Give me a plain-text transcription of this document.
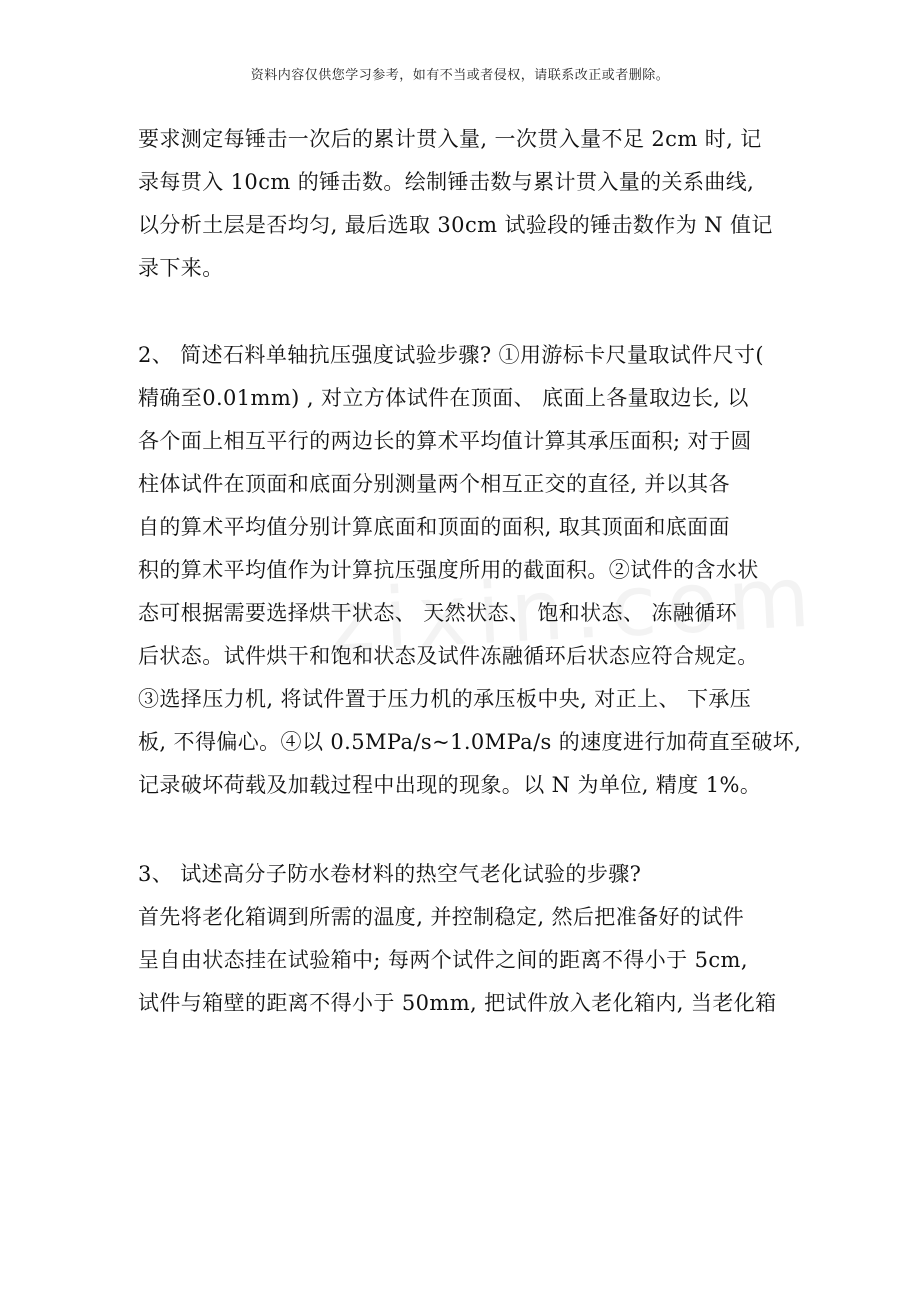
资料内容仅供您学习参考，如有不当或者侵权，请联系改正或者删除。
要求测定每锤击一次后的累计贯入量, 一次贯入量不足 2cm 时, 记
录每贯入 10cm 的锤击数。绘制锤击数与累计贯入量的关系曲线,
以分析土层是否均匀, 最后选取 30cm 试验段的锤击数作为 N 值记
录下来。
2、 简述石料单轴抗压强度试验步骤? ①用游标卡尺量取试件尺寸(
精确至0.01mm) , 对立方体试件在顶面、 底面上各量取边长, 以
各个面上相互平行的两边长的算术平均值计算其承压面积; 对于圆
柱体试件在顶面和底面分别测量两个相互正交的直径, 并以其各
自的算术平均值分别计算底面和顶面的面积, 取其顶面和底面面
积的算术平均值作为计算抗压强度所用的截面积。②试件的含水状
态可根据需要选择烘干状态、 天然状态、 饱和状态、 冻融循环
后状态。试件烘干和饱和状态及试件冻融循环后状态应符合规定。
③选择压力机, 将试件置于压力机的承压板中央, 对正上、 下承压
板, 不得偏心。④以 0.5MPa/s~1.0MPa/s 的速度进行加荷直至破坏,
记录破坏荷载及加载过程中出现的现象。以 N 为单位, 精度 1%。
3、 试述高分子防水卷材料的热空气老化试验的步骤?
首先将老化箱调到所需的温度, 并控制稳定, 然后把准备好的试件
呈自由状态挂在试验箱中; 每两个试件之间的距离不得小于 5cm,
试件与箱壁的距离不得小于 50mm, 把试件放入老化箱内, 当老化箱
